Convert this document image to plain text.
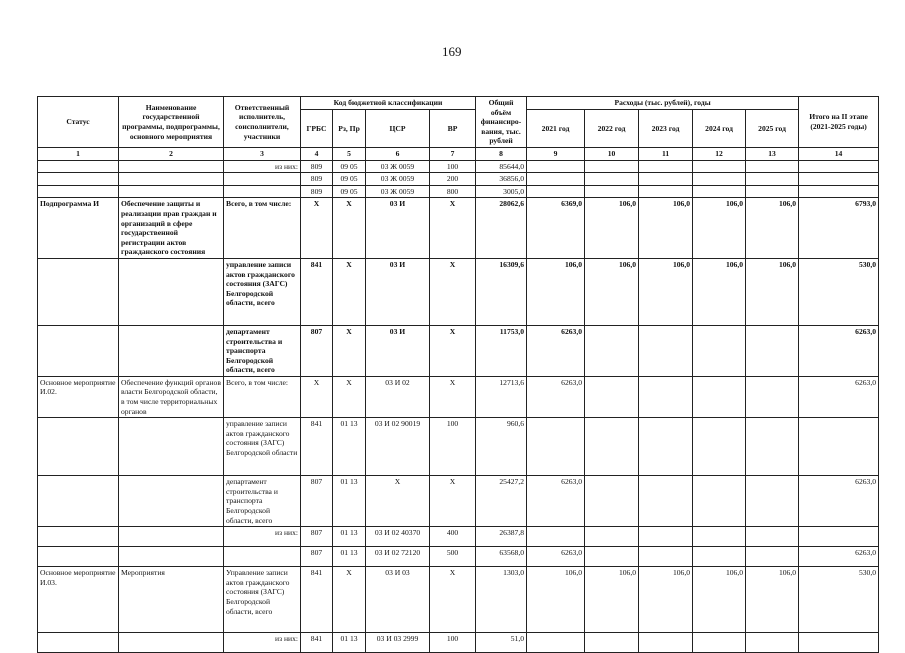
169
Статус	Наименование государственной программы, подпрограммы, основного мероприятия	Ответственный исполнитель, соисполнители, участники	Код бюджетной классификации				Общий объём финансиро-вания, тыс. рублей	Расходы (тыс. рублей), годы					Итого на II этапе (2021-2025 годы)
			ГРБС	Рз, Пр	ЦСР	ВР		2021 год	2022 год	2023 год	2024 год	2025 год	
1	2	3	4	5	6	7	8	9	10	11	12	13	14
		из них:	809	09 05	03 Ж 0059	100	85644,0						
			809	09 05	03 Ж 0059	200	36856,0						
			809	09 05	03 Ж 0059	800	3005,0						
Подпрограмма И	Обеспечение защиты и реализации прав граждан и организаций в сфере государственной регистрации актов гражданского состояния	Всего, в том числе:	Х	Х	03 И	Х	28062,6	6369,0	106,0	106,0	106,0	106,0	6793,0
		управление записи актов гражданского состояния (ЗАГС) Белгородской области, всего	841	Х	03 И	Х	16309,6	106,0	106,0	106,0	106,0	106,0	530,0
		департамент строительства и транспорта Белгородской области, всего	807	Х	03 И	Х	11753,0	6263,0					6263,0
Основное мероприятие И.02.	Обеспечение функций органов власти Белгородской области, в том числе территориальных органов	Всего, в том числе:	Х	Х	03 И 02	Х	12713,6	6263,0					6263,0
		управление записи актов гражданского состояния (ЗАГС) Белгородской области	841	01 13	03 И 02 90019	100	960,6						
		департамент строительства и транспорта Белгородской области, всего	807	01 13	Х	Х	25427,2	6263,0					6263,0
		из них:	807	01 13	03 И 02 40370	400	26387,8						
			807	01 13	03 И 02 72120	500	63568,0	6263,0					6263,0
Основное мероприятие И.03.	Мероприятия	Управление записи актов гражданского состояния (ЗАГС) Белгородской области, всего	841	Х	03 И 03	Х	1303,0	106,0	106,0	106,0	106,0	106,0	530,0
		из них:	841	01 13	03 И 03 2999	100	51,0						
